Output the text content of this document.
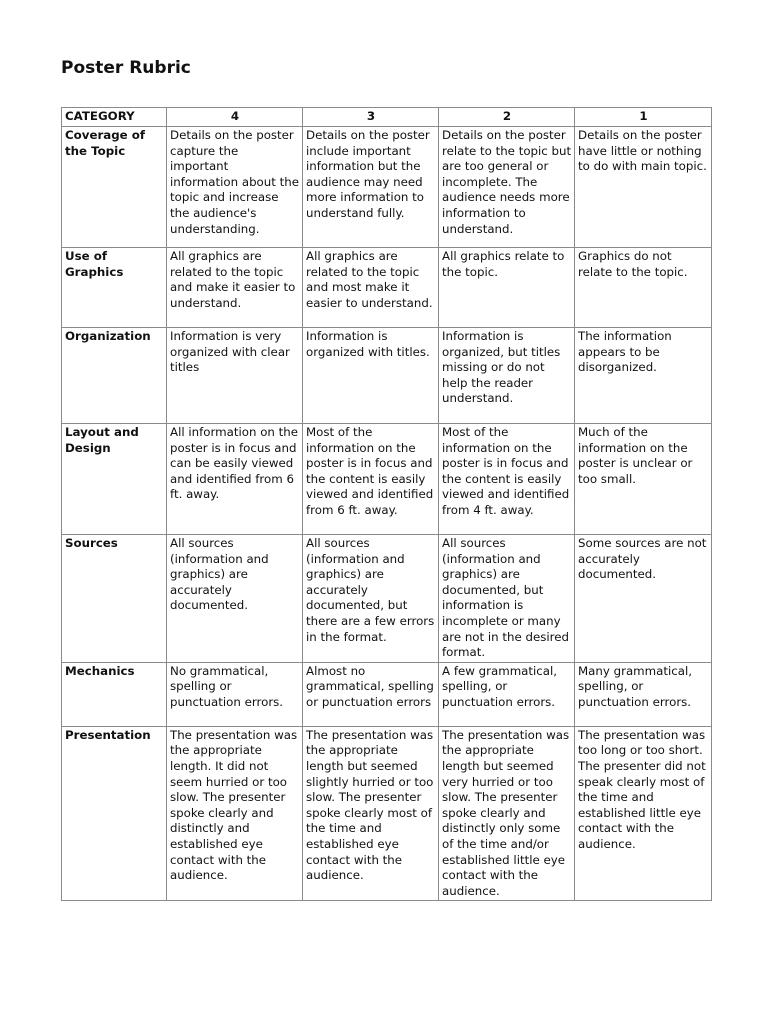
Poster Rubric
CATEGORY	4	3	2	1
Coverage of the Topic	Details on the poster capture the important information about the topic and increase the audience's understanding.	Details on the poster include important information but the audience may need more information to understand fully.	Details on the poster relate to the topic but are too general or incomplete. The audience needs more information to understand.	Details on the poster have little or nothing to do with main topic.
Use of Graphics	All graphics are related to the topic and make it easier to understand.	All graphics are related to the topic and most make it easier to understand.	All graphics relate to the topic.	Graphics do not relate to the topic.
Organization	Information is very organized with clear titles	Information is organized with titles.	Information is organized, but titles missing or do not help the reader understand.	The information appears to be disorganized.
Layout and Design	All information on the poster is in focus and can be easily viewed and identified from 6 ft. away.	Most of the information on the poster is in focus and the content is easily viewed and identified from 6 ft. away.	Most of the information on the poster is in focus and the content is easily viewed and identified from 4 ft. away.	Much of the information on the poster is unclear or too small.
Sources	All sources (information and graphics) are accurately documented.	All sources (information and graphics) are accurately documented, but there are a few errors in the format.	All sources (information and graphics) are documented, but information is incomplete or many are not in the desired format.	Some sources are not accurately documented.
Mechanics	No grammatical, spelling or punctuation errors.	Almost no grammatical, spelling or punctuation errors	A few grammatical, spelling, or punctuation errors.	Many grammatical, spelling, or punctuation errors.
Presentation	The presentation was the appropriate length. It did not seem hurried or too slow. The presenter spoke clearly and distinctly and established eye contact with the audience.	The presentation was the appropriate length but seemed slightly hurried or too slow. The presenter spoke clearly most of the time and established eye contact with the audience.	The presentation was the appropriate length but seemed very hurried or too slow. The presenter spoke clearly and distinctly only some of the time and/or established little eye contact with the audience.	The presentation was too long or too short. The presenter did not speak clearly most of the time and established little eye contact with the audience.
